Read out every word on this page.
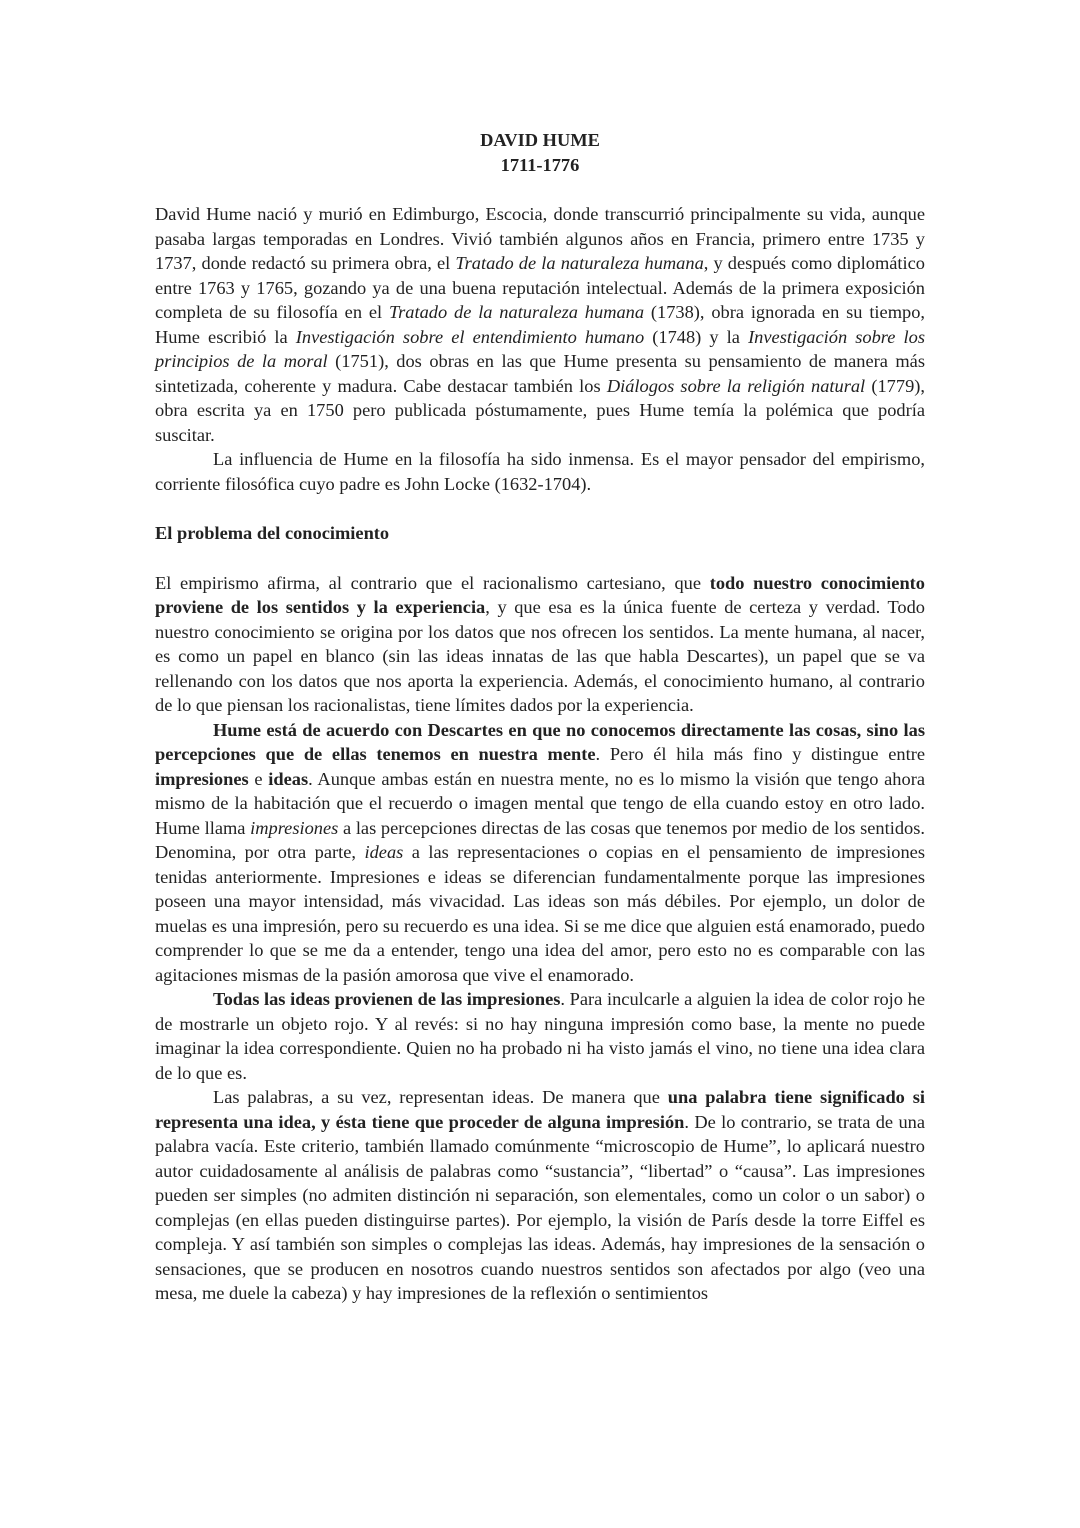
DAVID HUME
1711-1776

David Hume nació y murió en Edimburgo, Escocia, donde transcurrió principalmente su vida, aunque pasaba largas temporadas en Londres. Vivió también algunos años en Francia, primero entre 1735 y 1737, donde redactó su primera obra, el Tratado de la naturaleza humana, y después como diplomático entre 1763 y 1765, gozando ya de una buena reputación intelectual. Además de la primera exposición completa de su filosofía en el Tratado de la naturaleza humana (1738), obra ignorada en su tiempo, Hume escribió la Investigación sobre el entendimiento humano (1748) y la Investigación sobre los principios de la moral (1751), dos obras en las que Hume presenta su pensamiento de manera más sintetizada, coherente y madura. Cabe destacar también los Diálogos sobre la religión natural (1779), obra escrita ya en 1750 pero publicada póstumamente, pues Hume temía la polémica que podría suscitar.

La influencia de Hume en la filosofía ha sido inmensa. Es el mayor pensador del empirismo, corriente filosófica cuyo padre es John Locke (1632-1704).

El problema del conocimiento

El empirismo afirma, al contrario que el racionalismo cartesiano, que todo nuestro conocimiento proviene de los sentidos y la experiencia, y que esa es la única fuente de certeza y verdad. Todo nuestro conocimiento se origina por los datos que nos ofrecen los sentidos. La mente humana, al nacer, es como un papel en blanco (sin las ideas innatas de las que habla Descartes), un papel que se va rellenando con los datos que nos aporta la experiencia. Además, el conocimiento humano, al contrario de lo que piensan los racionalistas, tiene límites dados por la experiencia.

Hume está de acuerdo con Descartes en que no conocemos directamente las cosas, sino las percepciones que de ellas tenemos en nuestra mente. Pero él hila más fino y distingue entre impresiones e ideas. Aunque ambas están en nuestra mente, no es lo mismo la visión que tengo ahora mismo de la habitación que el recuerdo o imagen mental que tengo de ella cuando estoy en otro lado. Hume llama impresiones a las percepciones directas de las cosas que tenemos por medio de los sentidos. Denomina, por otra parte, ideas a las representaciones o copias en el pensamiento de impresiones tenidas anteriormente. Impresiones e ideas se diferencian fundamentalmente porque las impresiones poseen una mayor intensidad, más vivacidad. Las ideas son más débiles. Por ejemplo, un dolor de muelas es una impresión, pero su recuerdo es una idea. Si se me dice que alguien está enamorado, puedo comprender lo que se me da a entender, tengo una idea del amor, pero esto no es comparable con las agitaciones mismas de la pasión amorosa que vive el enamorado.

Todas las ideas provienen de las impresiones. Para inculcarle a alguien la idea de color rojo he de mostrarle un objeto rojo. Y al revés: si no hay ninguna impresión como base, la mente no puede imaginar la idea correspondiente. Quien no ha probado ni ha visto jamás el vino, no tiene una idea clara de lo que es.

Las palabras, a su vez, representan ideas. De manera que una palabra tiene significado si representa una idea, y ésta tiene que proceder de alguna impresión. De lo contrario, se trata de una palabra vacía. Este criterio, también llamado comúnmente “microscopio de Hume”, lo aplicará nuestro autor cuidadosamente al análisis de palabras como “sustancia”, “libertad” o “causa”. Las impresiones pueden ser simples (no admiten distinción ni separación, son elementales, como un color o un sabor) o complejas (en ellas pueden distinguirse partes). Por ejemplo, la visión de París desde la torre Eiffel es compleja. Y así también son simples o complejas las ideas. Además, hay impresiones de la sensación o sensaciones, que se producen en nosotros cuando nuestros sentidos son afectados por algo (veo una mesa, me duele la cabeza) y hay impresiones de la reflexión o sentimientos
